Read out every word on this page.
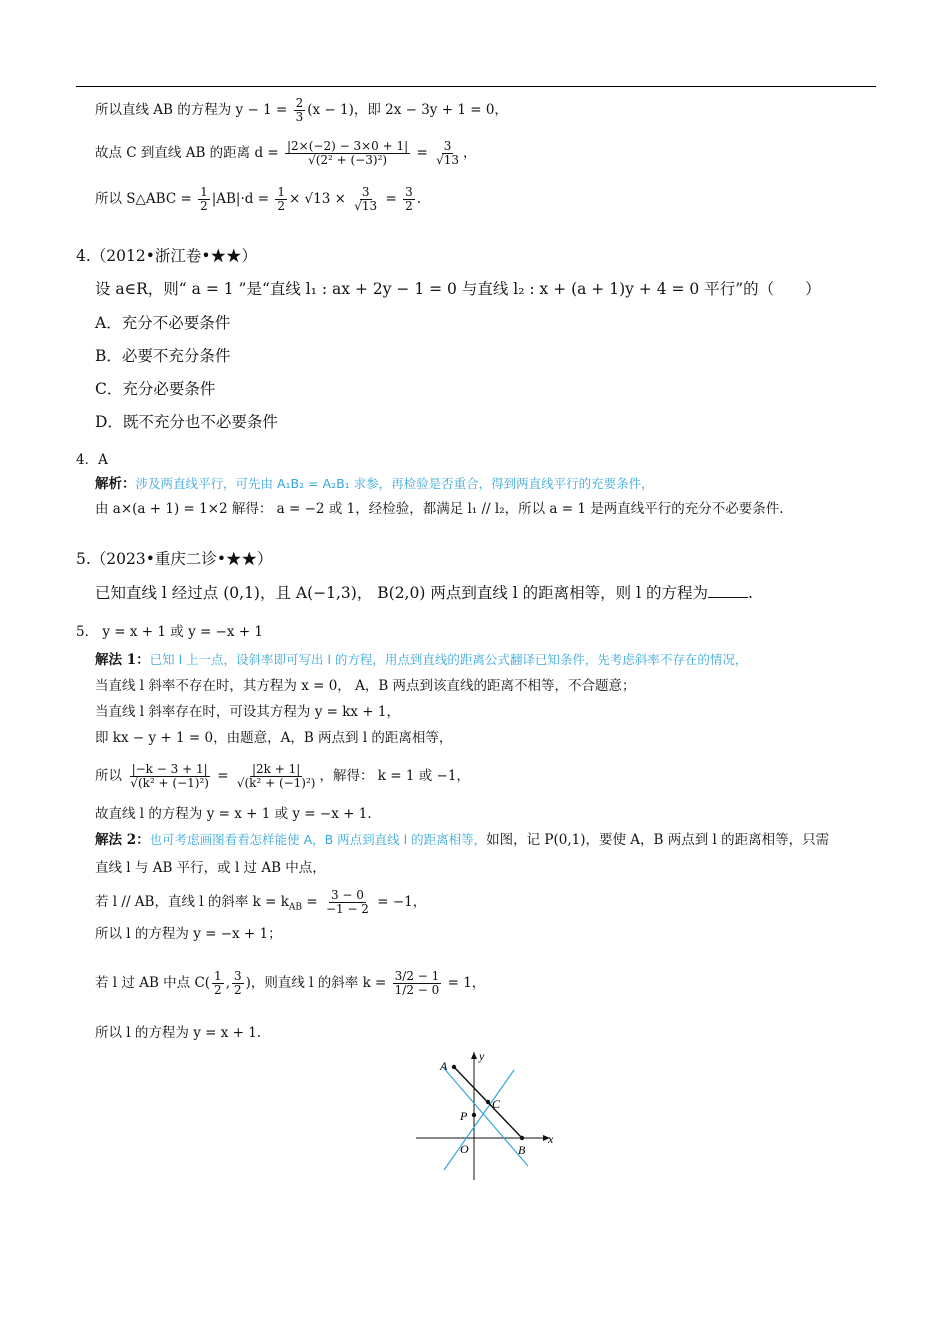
所以直线 AB 的方程为 $y - 1 = \frac{2}{3} (x - 1)$，即 2x − 3y + 1 = 0，
故点 C 到直线 AB 的距离 $d = \frac{|2\times(-2) - 3\times 0 + 1|}{\text{√(2² + (−3)²)}} = \frac{3}{√13}$ ，
所以 S△ABC = $\frac{1}{2} |AB|\cdot d = \frac{1}{2} \times √13 \times \frac{3}{√13} = \frac{3}{2}$ .
4.（2012•浙江卷•★★）
设 a∈R，则“ a = 1 ”是“直线 l₁ : ax + 2y − 1 = 0 与直线 l₂ : x + (a + 1)y + 4 = 0 平行”的（　　）
A．充分不必要条件
B．必要不充分条件
C．充分必要条件
D．既不充分也不必要条件
4．A
解析：涉及两直线平行，可先由 A₁B₂ = A₂B₁ 求参，再检验是否重合，得到两直线平行的充要条件，
由 a×(a + 1) = 1×2 解得： a = −2 或 1，经检验，都满足 l₁ // l₂，所以 a = 1 是两直线平行的充分不必要条件.
5.（2023•重庆二诊•★★）
已知直线 l 经过点 (0,1)，且 A(−1,3)， B(2,0) 两点到直线 l 的距离相等，则 l 的方程为	.
5． y = x + 1 或 y = −x + 1
解法 1：已知 l 上一点，设斜率即可写出 l 的方程，用点到直线的距离公式翻译已知条件，先考虑斜率不存在的情况，
当直线 l 斜率不存在时，其方程为 x = 0， A，B 两点到该直线的距离不相等，不合题意；
当直线 l 斜率存在时，可设其方程为 y = kx + 1，
即 kx − y + 1 = 0，由题意，A，B 两点到 l 的距离相等，
所以 $\frac{|-k - 3 + 1|}{\text{√(k² + (−1)²)}} = \frac{|2k + 1|}{\text{√(k² + (−1)²)}}$ ，解得： k = 1 或 −1，
故直线 l 的方程为 y = x + 1 或 y = −x + 1.
解法 2：也可考虑画图看看怎样能使 A，B 两点到直线 l 的距离相等，如图，记 P(0,1)，要使 A，B 两点到 l 的距离相等，只需
直线 l 与 AB 平行，或 l 过 AB 中点，
若 l // AB，直线 l 的斜率 $k = k_{AB} = \frac{3 - 0}{-1 - 2} = -1$，
所以 l 的方程为 y = −x + 1；
若 l 过 AB 中点 $C( \frac{1}{2}$ , $\frac{3}{2}$ )，则直线 l 的斜率 $k = \frac{3/2 - 1}{1/2 - 0} = 1$，
所以 l 的方程为 y = x + 1.
A
B
C
P
O
x
y
